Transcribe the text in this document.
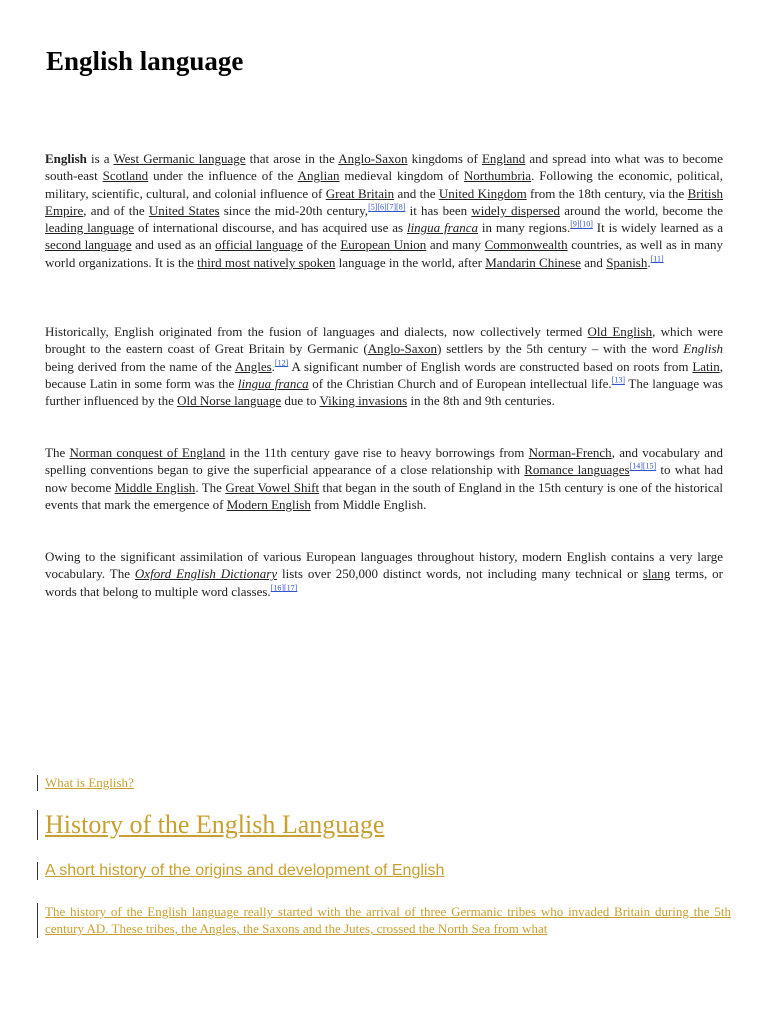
English language

English is a West Germanic language that arose in the Anglo-Saxon kingdoms of England and spread into what was to become south-east Scotland under the influence of the Anglian medieval kingdom of Northumbria. Following the economic, political, military, scientific, cultural, and colonial influence of Great Britain and the United Kingdom from the 18th century, via the British Empire, and of the United States since the mid-20th century,[5][6][7][8] it has been widely dispersed around the world, become the leading language of international discourse, and has acquired use as lingua franca in many regions.[9][10] It is widely learned as a second language and used as an official language of the European Union and many Commonwealth countries, as well as in many world organizations. It is the third most natively spoken language in the world, after Mandarin Chinese and Spanish.[11]

Historically, English originated from the fusion of languages and dialects, now collectively termed Old English, which were brought to the eastern coast of Great Britain by Germanic (Anglo-Saxon) settlers by the 5th century – with the word English being derived from the name of the Angles.[12] A significant number of English words are constructed based on roots from Latin, because Latin in some form was the lingua franca of the Christian Church and of European intellectual life.[13] The language was further influenced by the Old Norse language due to Viking invasions in the 8th and 9th centuries.

The Norman conquest of England in the 11th century gave rise to heavy borrowings from Norman-French, and vocabulary and spelling conventions began to give the superficial appearance of a close relationship with Romance languages[14][15] to what had now become Middle English. The Great Vowel Shift that began in the south of England in the 15th century is one of the historical events that mark the emergence of Modern English from Middle English.

Owing to the significant assimilation of various European languages throughout history, modern English contains a very large vocabulary. The Oxford English Dictionary lists over 250,000 distinct words, not including many technical or slang terms, or words that belong to multiple word classes.[16][17]

What is English?
History of the English Language
A short history of the origins and development of English
The history of the English language really started with the arrival of three Germanic tribes who invaded Britain during the 5th century AD. These tribes, the Angles, the Saxons and the Jutes, crossed the North Sea from what
